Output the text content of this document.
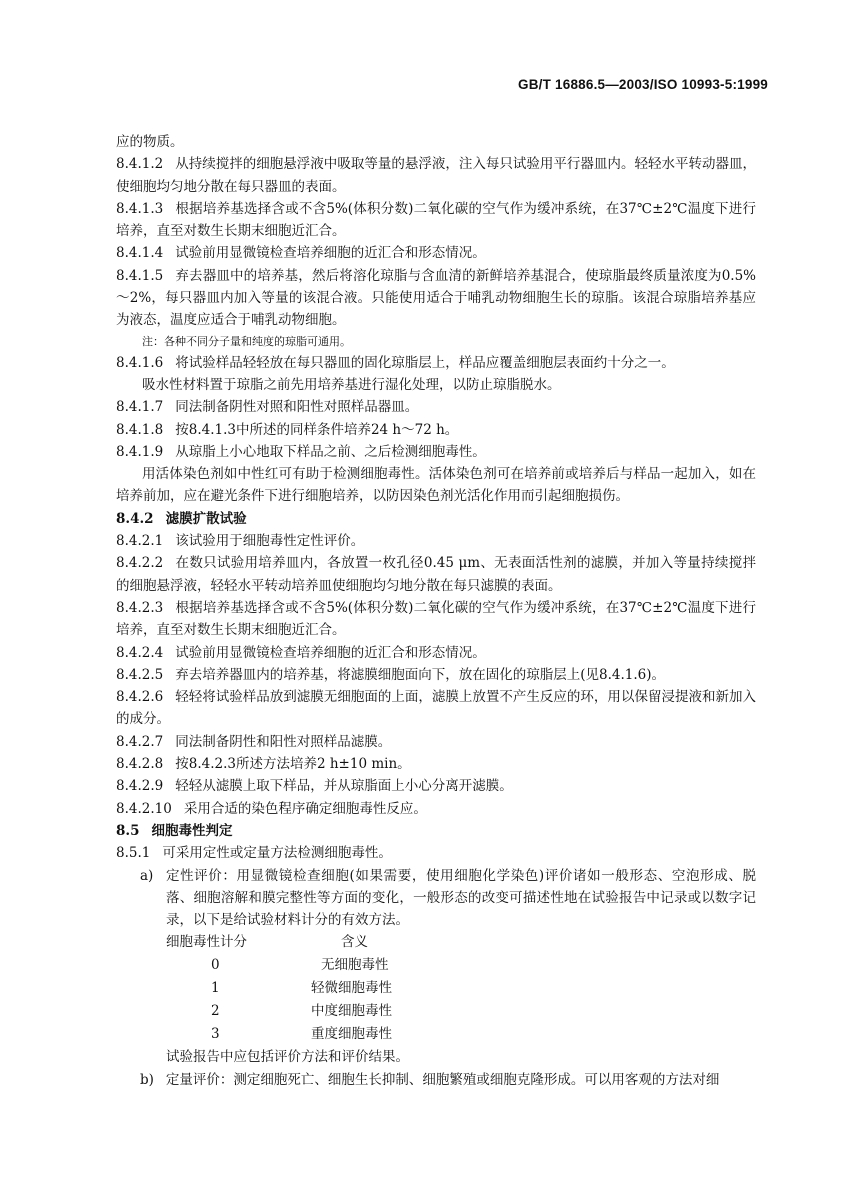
GB/T 16886.5—2003/ISO 10993-5:1999

应的物质。

8.4.1.2 从持续搅拌的细胞悬浮液中吸取等量的悬浮液，注入每只试验用平行器皿内。轻轻水平转动器皿，使细胞均匀地分散在每只器皿的表面。

8.4.1.3 根据培养基选择含或不含5%(体积分数)二氧化碳的空气作为缓冲系统，在37℃±2℃温度下进行培养，直至对数生长期末细胞近汇合。

8.4.1.4 试验前用显微镜检查培养细胞的近汇合和形态情况。

8.4.1.5 弃去器皿中的培养基，然后将溶化琼脂与含血清的新鲜培养基混合，使琼脂最终质量浓度为0.5%～2%，每只器皿内加入等量的该混合液。只能使用适合于哺乳动物细胞生长的琼脂。该混合琼脂培养基应为液态，温度应适合于哺乳动物细胞。

注：各种不同分子量和纯度的琼脂可通用。

8.4.1.6 将试验样品轻轻放在每只器皿的固化琼脂层上，样品应覆盖细胞层表面约十分之一。

吸水性材料置于琼脂之前先用培养基进行湿化处理，以防止琼脂脱水。

8.4.1.7 同法制备阴性对照和阳性对照样品器皿。

8.4.1.8 按8.4.1.3中所述的同样条件培养24 h～72 h。

8.4.1.9 从琼脂上小心地取下样品之前、之后检测细胞毒性。

用活体染色剂如中性红可有助于检测细胞毒性。活体染色剂可在培养前或培养后与样品一起加入，如在培养前加，应在避光条件下进行细胞培养，以防因染色剂光活化作用而引起细胞损伤。

8.4.2 滤膜扩散试验

8.4.2.1 该试验用于细胞毒性定性评价。

8.4.2.2 在数只试验用培养皿内，各放置一枚孔径0.45 μm、无表面活性剂的滤膜，并加入等量持续搅拌的细胞悬浮液，轻轻水平转动培养皿使细胞均匀地分散在每只滤膜的表面。

8.4.2.3 根据培养基选择含或不含5%(体积分数)二氧化碳的空气作为缓冲系统，在37℃±2℃温度下进行培养，直至对数生长期末细胞近汇合。

8.4.2.4 试验前用显微镜检查培养细胞的近汇合和形态情况。

8.4.2.5 弃去培养器皿内的培养基，将滤膜细胞面向下，放在固化的琼脂层上(见8.4.1.6)。

8.4.2.6 轻轻将试验样品放到滤膜无细胞面的上面，滤膜上放置不产生反应的环，用以保留浸提液和新加入的成分。

8.4.2.7 同法制备阴性和阳性对照样品滤膜。

8.4.2.8 按8.4.2.3所述方法培养2 h±10 min。

8.4.2.9 轻轻从滤膜上取下样品，并从琼脂面上小心分离开滤膜。

8.4.2.10 采用合适的染色程序确定细胞毒性反应。

8.5 细胞毒性判定

8.5.1 可采用定性或定量方法检测细胞毒性。

a) 定性评价：用显微镜检查细胞(如果需要，使用细胞化学染色)评价诸如一般形态、空泡形成、脱落、细胞溶解和膜完整性等方面的变化，一般形态的改变可描述性地在试验报告中记录或以数字记录，以下是给试验材料计分的有效方法。

细胞毒性计分	含义
0	无细胞毒性
1	轻微细胞毒性
2	中度细胞毒性
3	重度细胞毒性

试验报告中应包括评价方法和评价结果。

b) 定量评价：测定细胞死亡、细胞生长抑制、细胞繁殖或细胞克隆形成。可以用客观的方法对细
